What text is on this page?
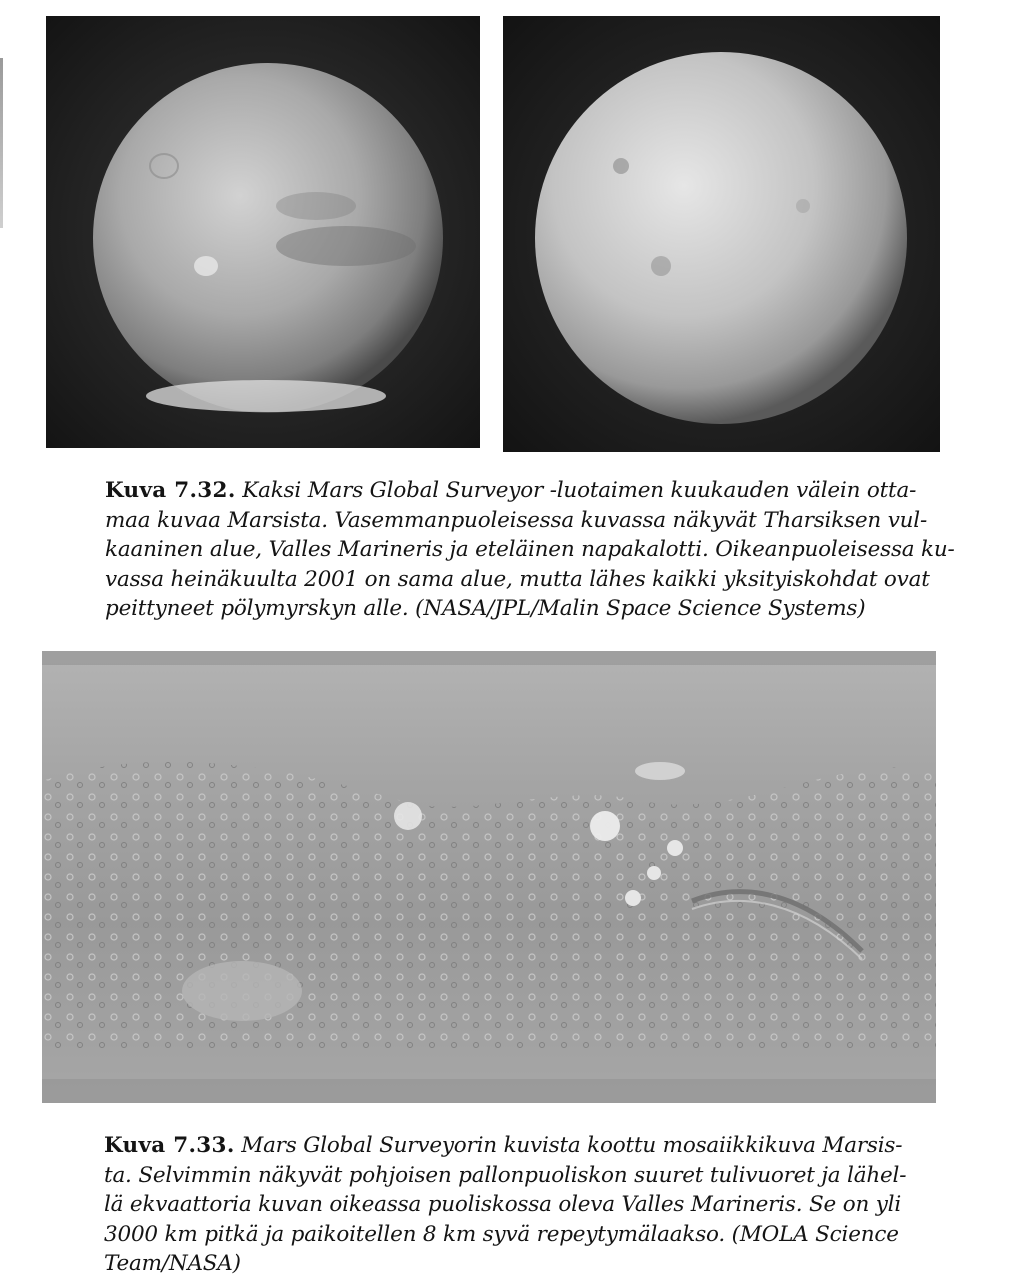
Kuva 7.32. Kaksi Mars Global Surveyor -luotaimen kuukauden välein otta-
maa kuvaa Marsista. Vasemmanpuoleisessa kuvassa näkyvät Tharsiksen vul-
kaaninen alue, Valles Marineris ja eteläinen napakalotti. Oikeanpuoleisessa ku-
vassa heinäkuulta 2001 on sama alue, mutta lähes kaikki yksityiskohdat ovat
peittyneet pölymyrskyn alle. (NASA/JPL/Malin Space Science Systems)
Kuva 7.33. Mars Global Surveyorin kuvista koottu mosaiikkikuva Marsis-
ta. Selvimmin näkyvät pohjoisen pallonpuoliskon suuret tulivuoret ja lähel-
lä ekvaattoria kuvan oikeassa puoliskossa oleva Valles Marineris. Se on yli
3000 km pitkä ja paikoitellen 8 km syvä repeytymälaakso. (MOLA Science
Team/NASA)
